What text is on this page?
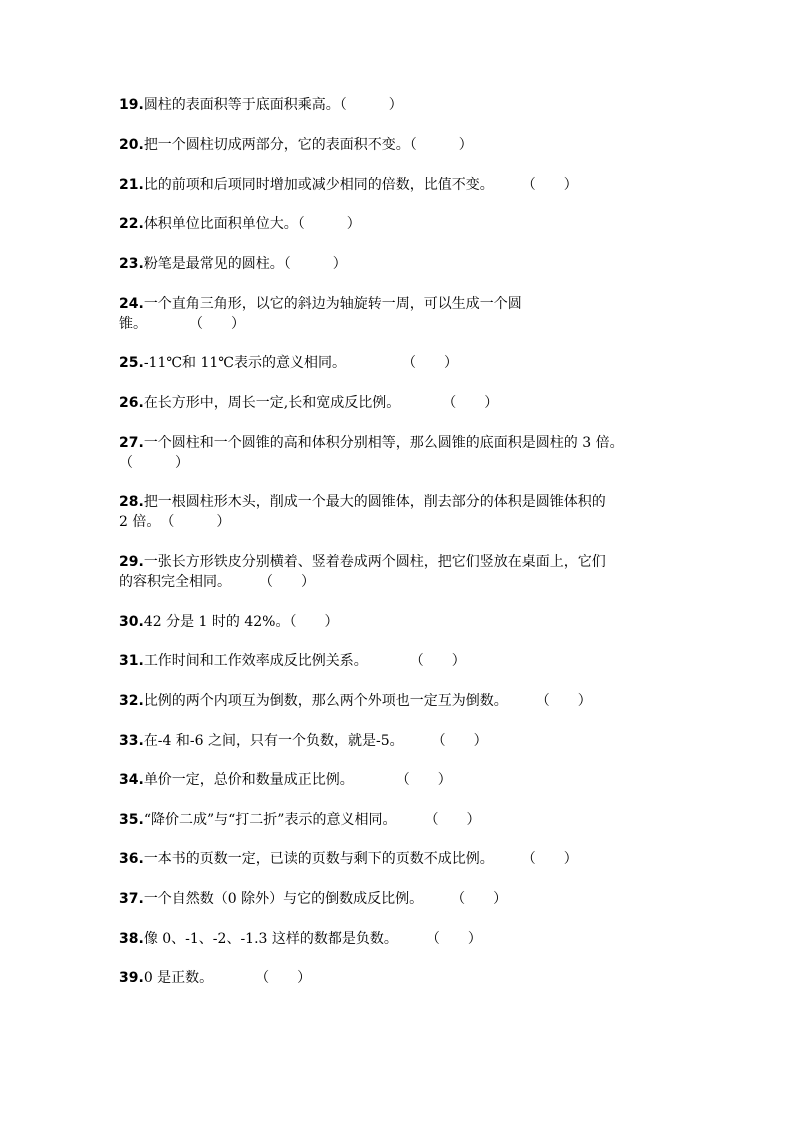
19.圆柱的表面积等于底面积乘高。（　　　）
20.把一个圆柱切成两部分，它的表面积不变。（　　　）
21.比的前项和后项同时增加或减少相同的倍数，比值不变。　　　（　　）
22.体积单位比面积单位大。（　　　）
23.粉笔是最常见的圆柱。（　　　）
24.一个直角三角形，以它的斜边为轴旋转一周，可以生成一个圆
锥。　　　　（　　）
25.-11℃和 11℃表示的意义相同。　　　　　（　　）
26.在长方形中，周长一定,长和宽成反比例。　　　　（　　）
27.一个圆柱和一个圆锥的高和体积分别相等，那么圆锥的底面积是圆柱的 3 倍。
（　　　）
28.把一根圆柱形木头，削成一个最大的圆锥体，削去部分的体积是圆锥体积的
2 倍。　（　　　）
29.一张长方形铁皮分别横着、竖着卷成两个圆柱，把它们竖放在桌面上，它们
的容积完全相同。　　　（　　）
30.42 分是 1 时的 42%。（　　）
31.工作时间和工作效率成反比例关系。　　　　（　　）
32.比例的两个内项互为倒数，那么两个外项也一定互为倒数。　　　（　　）
33.在-4 和-6 之间，只有一个负数，就是-5。　　　（　　）
34.单价一定，总价和数量成正比例。　　　　（　　）
35.“降价二成”与“打二折”表示的意义相同。　　　（　　）
36.一本书的页数一定，已读的页数与剩下的页数不成比例。　　　（　　）
37.一个自然数（0 除外）与它的倒数成反比例。　　　（　　）
38.像 0、-1、-2、-1.3 这样的数都是负数。　　　（　　）
39.0 是正数。　　　　（　　）
